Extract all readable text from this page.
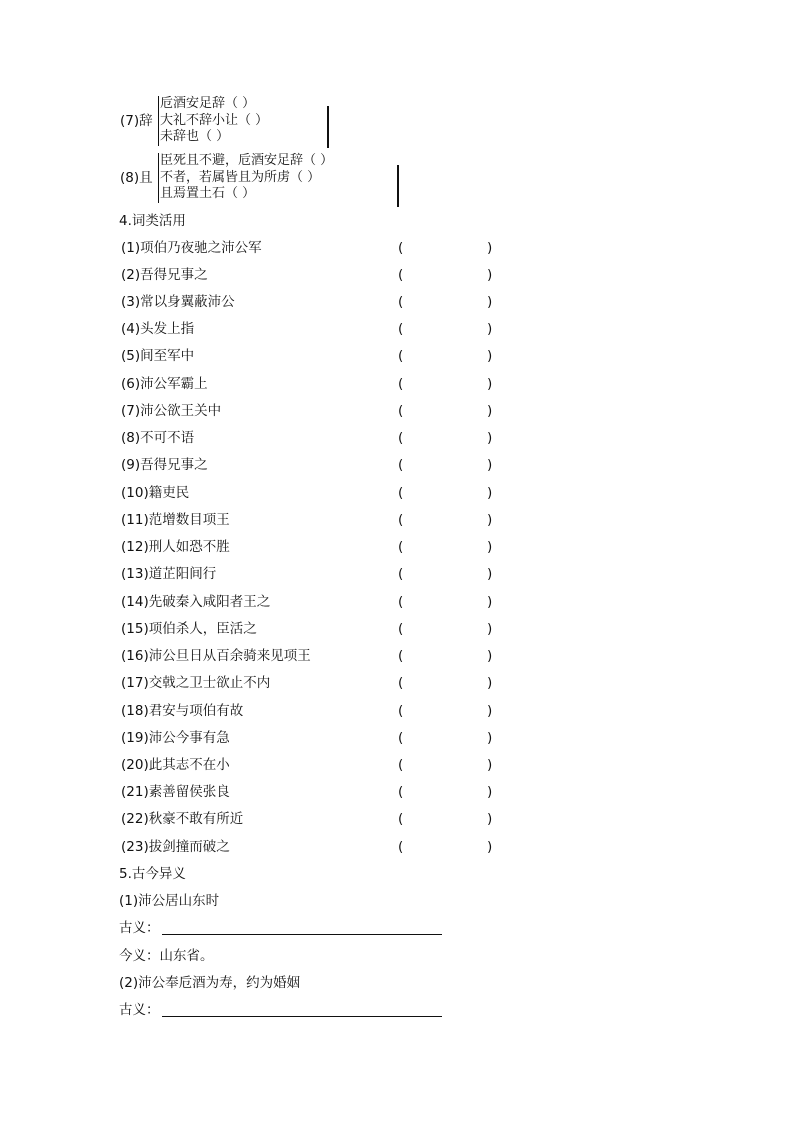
(7)辞
卮酒安足辞（ ）
大礼不辞小让（ ）
未辞也（ ）
(8)且
臣死且不避，卮酒安足辞（ ）
不者，若属皆且为所虏（ ）
且焉置土石（ ）
4.词类活用
(1)项伯乃夜驰之沛公军	(	)
(2)吾得兄事之	(	)
(3)常以身翼蔽沛公	(	)
(4)头发上指	(	)
(5)间至军中	(	)
(6)沛公军霸上	(	)
(7)沛公欲王关中	(	)
(8)不可不语	(	)
(9)吾得兄事之	(	)
(10)籍吏民	(	)
(11)范增数目项王	(	)
(12)刑人如恐不胜	(	)
(13)道芷阳间行	(	)
(14)先破秦入咸阳者王之	(	)
(15)项伯杀人，臣活之	(	)
(16)沛公旦日从百余骑来见项王	(	)
(17)交戟之卫士欲止不内	(	)
(18)君安与项伯有故	(	)
(19)沛公今事有急	(	)
(20)此其志不在小	(	)
(21)素善留侯张良	(	)
(22)秋豪不敢有所近	(	)
(23)拔剑撞而破之	(	)
5.古今异义
(1)沛公居山东时
古义：
今义：山东省。
(2)沛公奉卮酒为寿，约为婚姻
古义：
